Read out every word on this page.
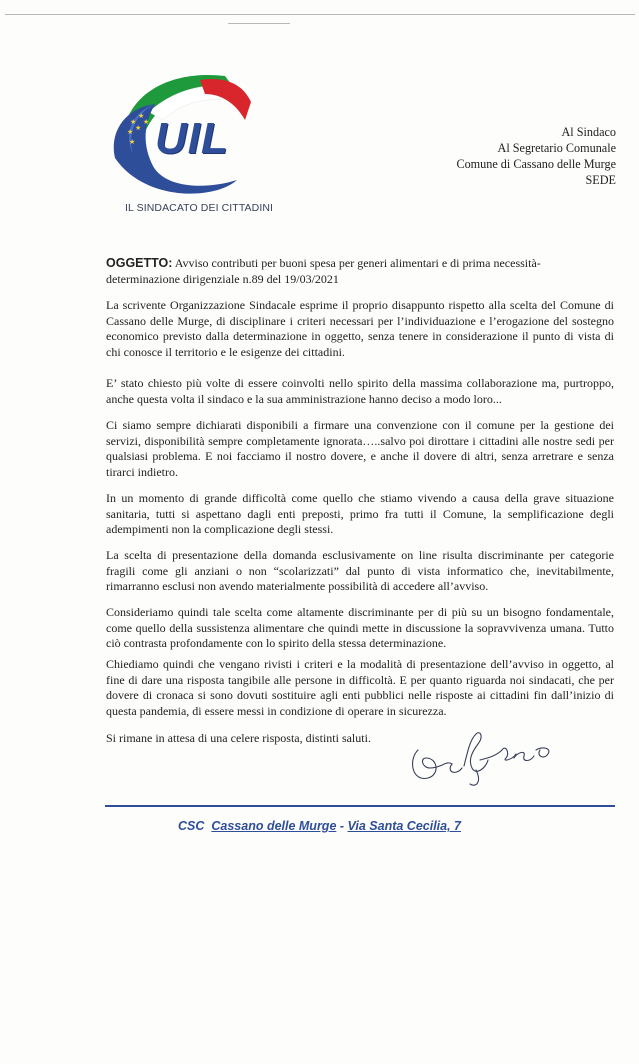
★
★
★ ★
★
★ UIL
IL SINDACATO DEI CITTADINI
Al Sindaco
Al Segretario Comunale
Comune di Cassano delle Murge
SEDE
OGGETTO: Avviso contributi per buoni spesa per generi alimentari e di prima necessità-
determinazione dirigenziale n.89 del 19/03/2021
La scrivente Organizzazione Sindacale esprime il proprio disappunto rispetto alla scelta del Comune di Cassano delle Murge, di disciplinare i criteri necessari per l’individuazione e l’erogazione del sostegno economico previsto dalla determinazione in oggetto, senza tenere in considerazione il punto di vista di chi conosce il territorio e le esigenze dei cittadini.
E’ stato chiesto più volte di essere coinvolti nello spirito della massima collaborazione ma, purtroppo, anche questa volta il sindaco e la sua amministrazione hanno deciso a modo loro...
Ci siamo sempre dichiarati disponibili a firmare una convenzione con il comune per la gestione dei servizi, disponibilità sempre completamente ignorata…..salvo poi dirottare i cittadini alle nostre sedi per qualsiasi problema. E noi facciamo il nostro dovere, e anche il dovere di altri, senza arretrare e senza tirarci indietro.
In un momento di grande difficoltà come quello che stiamo vivendo a causa della grave situazione sanitaria, tutti si aspettano dagli enti preposti, primo fra tutti il Comune, la semplificazione degli adempimenti non la complicazione degli stessi.
La scelta di presentazione della domanda esclusivamente on line risulta discriminante per categorie fragili come gli anziani o non “scolarizzati” dal punto di vista informatico che, inevitabilmente, rimarranno esclusi non avendo materialmente possibilità di accedere all’avviso.
Consideriamo quindi tale scelta come altamente discriminante per di più su un bisogno fondamentale, come quello della sussistenza alimentare che quindi mette in discussione la sopravvivenza umana. Tutto ciò contrasta profondamente con lo spirito della stessa determinazione.
Chiediamo quindi che vengano rivisti i criteri e la modalità di presentazione dell’avviso in oggetto, al fine di dare una risposta tangibile alle persone in difficoltà. E per quanto riguarda noi sindacati, che per dovere di cronaca si sono dovuti sostituire agli enti pubblici nelle risposte ai cittadini fin dall’inizio di questa pandemia, di essere messi in condizione di operare in sicurezza.
Si rimane in attesa di una celere risposta, distinti saluti.
CSC Cassano delle Murge - Via Santa Cecilia, 7
